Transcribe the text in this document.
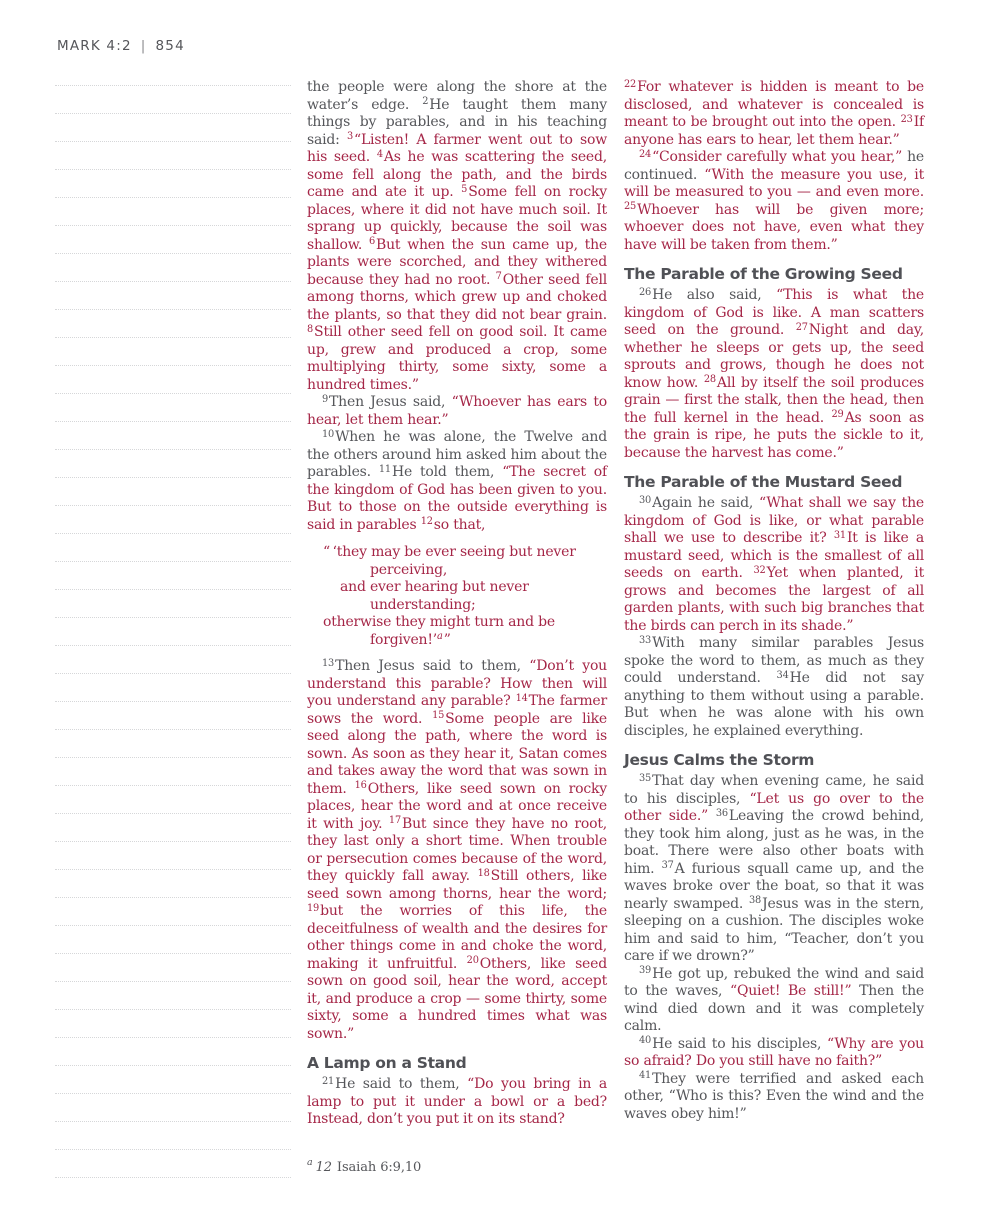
MARK 4:2 | 854

the people were along the shore at the water’s edge. $^2$He taught them many things by parables, and in his teaching said: $^3$“Listen! A farmer went out to sow his seed. $^4$As he was scattering the seed, some fell along the path, and the birds came and ate it up. $^5$Some fell on rocky places, where it did not have much soil. It sprang up quickly, because the soil was shallow. $^6$But when the sun came up, the plants were scorched, and they withered because they had no root. $^7$Other seed fell among thorns, which grew up and choked the plants, so that they did not bear grain. $^8$Still other seed fell on good soil. It came up, grew and produced a crop, some multiplying thirty, some sixty, some a hundred times.”

$^9$Then Jesus said, “Whoever has ears to hear, let them hear.”

$^{10}$When he was alone, the Twelve and the others around him asked him about the parables. $^{11}$He told them, “The secret of the kingdom of God has been given to you. But to those on the outside everything is said in parables $^{12}$so that,

“ ‘they may be ever seeing but never
perceiving,
and ever hearing but never
understanding;
otherwise they might turn and be
forgiven!’$^a$”

$^{13}$Then Jesus said to them, “Don’t you understand this parable? How then will you understand any parable? $^{14}$The farmer sows the word. $^{15}$Some people are like seed along the path, where the word is sown. As soon as they hear it, Satan comes and takes away the word that was sown in them. $^{16}$Others, like seed sown on rocky places, hear the word and at once receive it with joy. $^{17}$But since they have no root, they last only a short time. When trouble or persecution comes because of the word, they quickly fall away. $^{18}$Still others, like seed sown among thorns, hear the word; $^{19}$but the worries of this life, the deceitfulness of wealth and the desires for other things come in and choke the word, making it unfruitful. $^{20}$Others, like seed sown on good soil, hear the word, accept it, and produce a crop — some thirty, some sixty, some a hundred times what was sown.”

A Lamp on a Stand

$^{21}$He said to them, “Do you bring in a lamp to put it under a bowl or a bed? Instead, don’t you put it on its stand?

$^{22}$For whatever is hidden is meant to be disclosed, and whatever is concealed is meant to be brought out into the open. $^{23}$If anyone has ears to hear, let them hear.”

$^{24}$“Consider carefully what you hear,” he continued. “With the measure you use, it will be measured to you — and even more. $^{25}$Whoever has will be given more; whoever does not have, even what they have will be taken from them.”

The Parable of the Growing Seed

$^{26}$He also said, “This is what the kingdom of God is like. A man scatters seed on the ground. $^{27}$Night and day, whether he sleeps or gets up, the seed sprouts and grows, though he does not know how. $^{28}$All by itself the soil produces grain — first the stalk, then the head, then the full kernel in the head. $^{29}$As soon as the grain is ripe, he puts the sickle to it, because the harvest has come.”

The Parable of the Mustard Seed

$^{30}$Again he said, “What shall we say the kingdom of God is like, or what parable shall we use to describe it? $^{31}$It is like a mustard seed, which is the smallest of all seeds on earth. $^{32}$Yet when planted, it grows and becomes the largest of all garden plants, with such big branches that the birds can perch in its shade.”

$^{33}$With many similar parables Jesus spoke the word to them, as much as they could understand. $^{34}$He did not say anything to them without using a parable. But when he was alone with his own disciples, he explained everything.

Jesus Calms the Storm

$^{35}$That day when evening came, he said to his disciples, “Let us go over to the other side.” $^{36}$Leaving the crowd behind, they took him along, just as he was, in the boat. There were also other boats with him. $^{37}$A furious squall came up, and the waves broke over the boat, so that it was nearly swamped. $^{38}$Jesus was in the stern, sleeping on a cushion. The disciples woke him and said to him, “Teacher, don’t you care if we drown?”

$^{39}$He got up, rebuked the wind and said to the waves, “Quiet! Be still!” Then the wind died down and it was completely calm.

$^{40}$He said to his disciples, “Why are you so afraid? Do you still have no faith?”

$^{41}$They were terrified and asked each other, “Who is this? Even the wind and the waves obey him!”

$^a$ 12 Isaiah 6:9,10
